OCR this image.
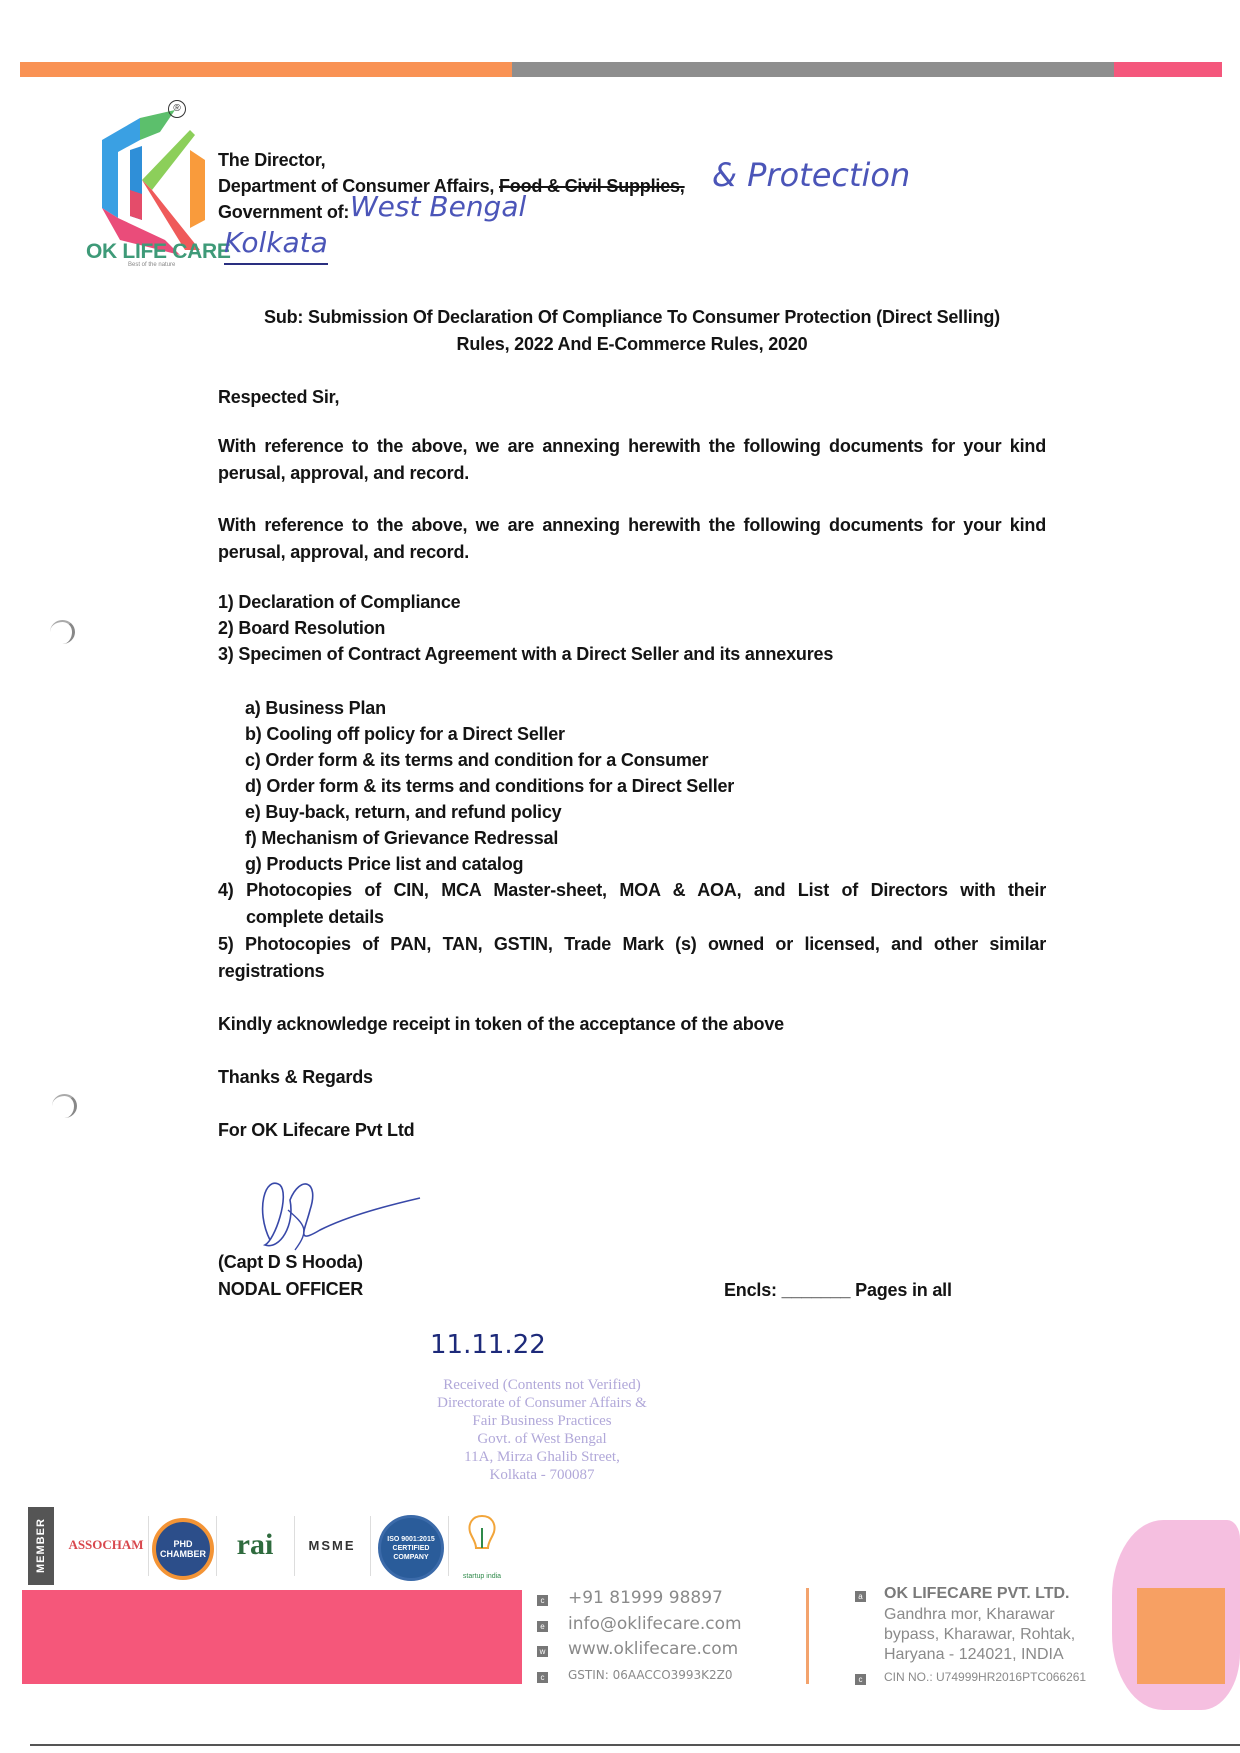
®
OK LIFE CARE
Best of the nature
The Director,
Department of Consumer Affairs, Food & Civil Supplies, & Protection
Government of: West Bengal
Kolkata
Sub: Submission Of Declaration Of Compliance To Consumer Protection (Direct Selling)
Rules, 2022 And E-Commerce Rules, 2020
Respected Sir,
With reference to the above, we are annexing herewith the following documents for your kind perusal, approval, and record.
With reference to the above, we are annexing herewith the following documents for your kind perusal, approval, and record.
1) Declaration of Compliance
2) Board Resolution
3) Specimen of Contract Agreement with a Direct Seller and its annexures
a) Business Plan
b) Cooling off policy for a Direct Seller
c) Order form & its terms and condition for a Consumer
d) Order form & its terms and conditions for a Direct Seller
e) Buy-back, return, and refund policy
f) Mechanism of Grievance Redressal
g) Products Price list and catalog
4) Photocopies of CIN, MCA Master-sheet, MOA & AOA, and List of Directors with their
complete details
5) Photocopies of PAN, TAN, GSTIN, Trade Mark (s) owned or licensed, and other similar
registrations
Kindly acknowledge receipt in token of the acceptance of the above
Thanks & Regards
For OK Lifecare Pvt Ltd
(Capt D S Hooda)
NODAL OFFICER	Encls: _______ Pages in all
11.11.22
Received (Contents not Verified)
Directorate of Consumer Affairs &
Fair Business Practices
Govt. of West Bengal
11A, Mirza Ghalib Street,
Kolkata - 700087
MEMBER	ASSOCHAM	PHD CHAMBER	rai	MSME	ISO 9001:2015 CERTIFIED COMPANY
startup india
c +91 81999 98897
e info@oklifecare.com
w www.oklifecare.com
c GSTIN: 06AACCO3993K2Z0
a OK LIFECARE PVT. LTD.
Gandhra mor, Kharawar
bypass, Kharawar, Rohtak,
Haryana - 124021, INDIA
c CIN NO.: U74999HR2016PTC066261
